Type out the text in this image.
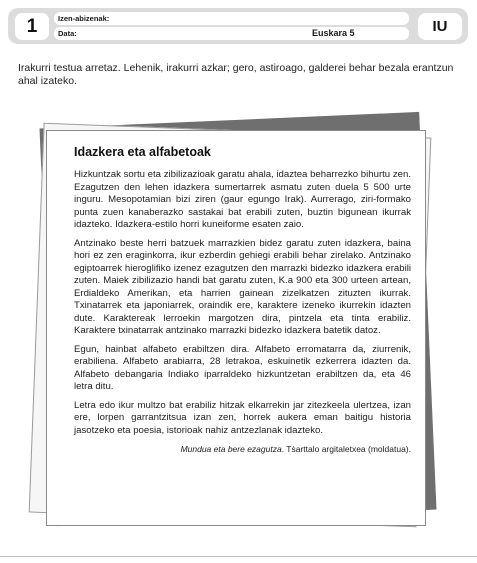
1	Izen-abizenak:
Data:	Euskara 5	IU
Irakurri testua arretaz. Lehenik, irakurri azkar; gero, astiroago, galderei behar bezala erantzun ahal izateko.
Idazkera eta alfabetoak

Hizkuntzak sortu eta zibilizazioak garatu ahala, idaztea beharrezko bihurtu zen. Ezagutzen den lehen idazkera sumertarrek asmatu zuten duela 5 500 urte inguru. Mesopotamian bizi ziren (gaur egungo Irak). Aurrerago, ziri-formako punta zuen kanaberazko sastakai bat erabili zuten, buztin bigunean ikurrak idazteko. Idazkera-estilo horri kuneiforme esaten zaio.

Antzinako beste herri batzuek marrazkien bidez garatu zuten idazkera, baina hori ez zen eraginkorra, ikur ezberdin gehiegi erabili behar zirelako. Antzinako egiptoarrek hieroglifiko izenez ezagutzen den marrazki bidezko idazkera erabili zuten. Maiek zibilizazio handi bat garatu zuten, K.a 900 eta 300 urteen artean, Erdialdeko Amerikan, eta harrien gainean zizelkatzen zituzten ikurrak. Txinatarrek eta japoniarrek, oraindik ere, karaktere izeneko ikurrekin idazten dute. Karaktereak lerroekin margotzen dira, pintzela eta tinta erabiliz. Karaktere txinatarrak antzinako marrazki bidezko idazkera batetik datoz.

Egun, hainbat alfabeto erabiltzen dira. Alfabeto erromatarra da, ziurrenik, erabiliena. Alfabeto arabiarra, 28 letrakoa, eskuinetik ezkerrera idazten da. Alfabeto debangaria Indiako iparraldeko hizkuntzetan erabiltzen da, eta 46 letra ditu.

Letra edo ikur multzo bat erabiliz hitzak elkarrekin jar zitezkeela ulertzea, izan ere, lorpen garrantzitsua izan zen, horrek aukera eman baitigu historia jasotzeko eta poesia, istorioak nahiz antzezlanak idazteko.

Mundua eta bere ezagutza. Tṡarttalo argitaletxea (moldatua).
